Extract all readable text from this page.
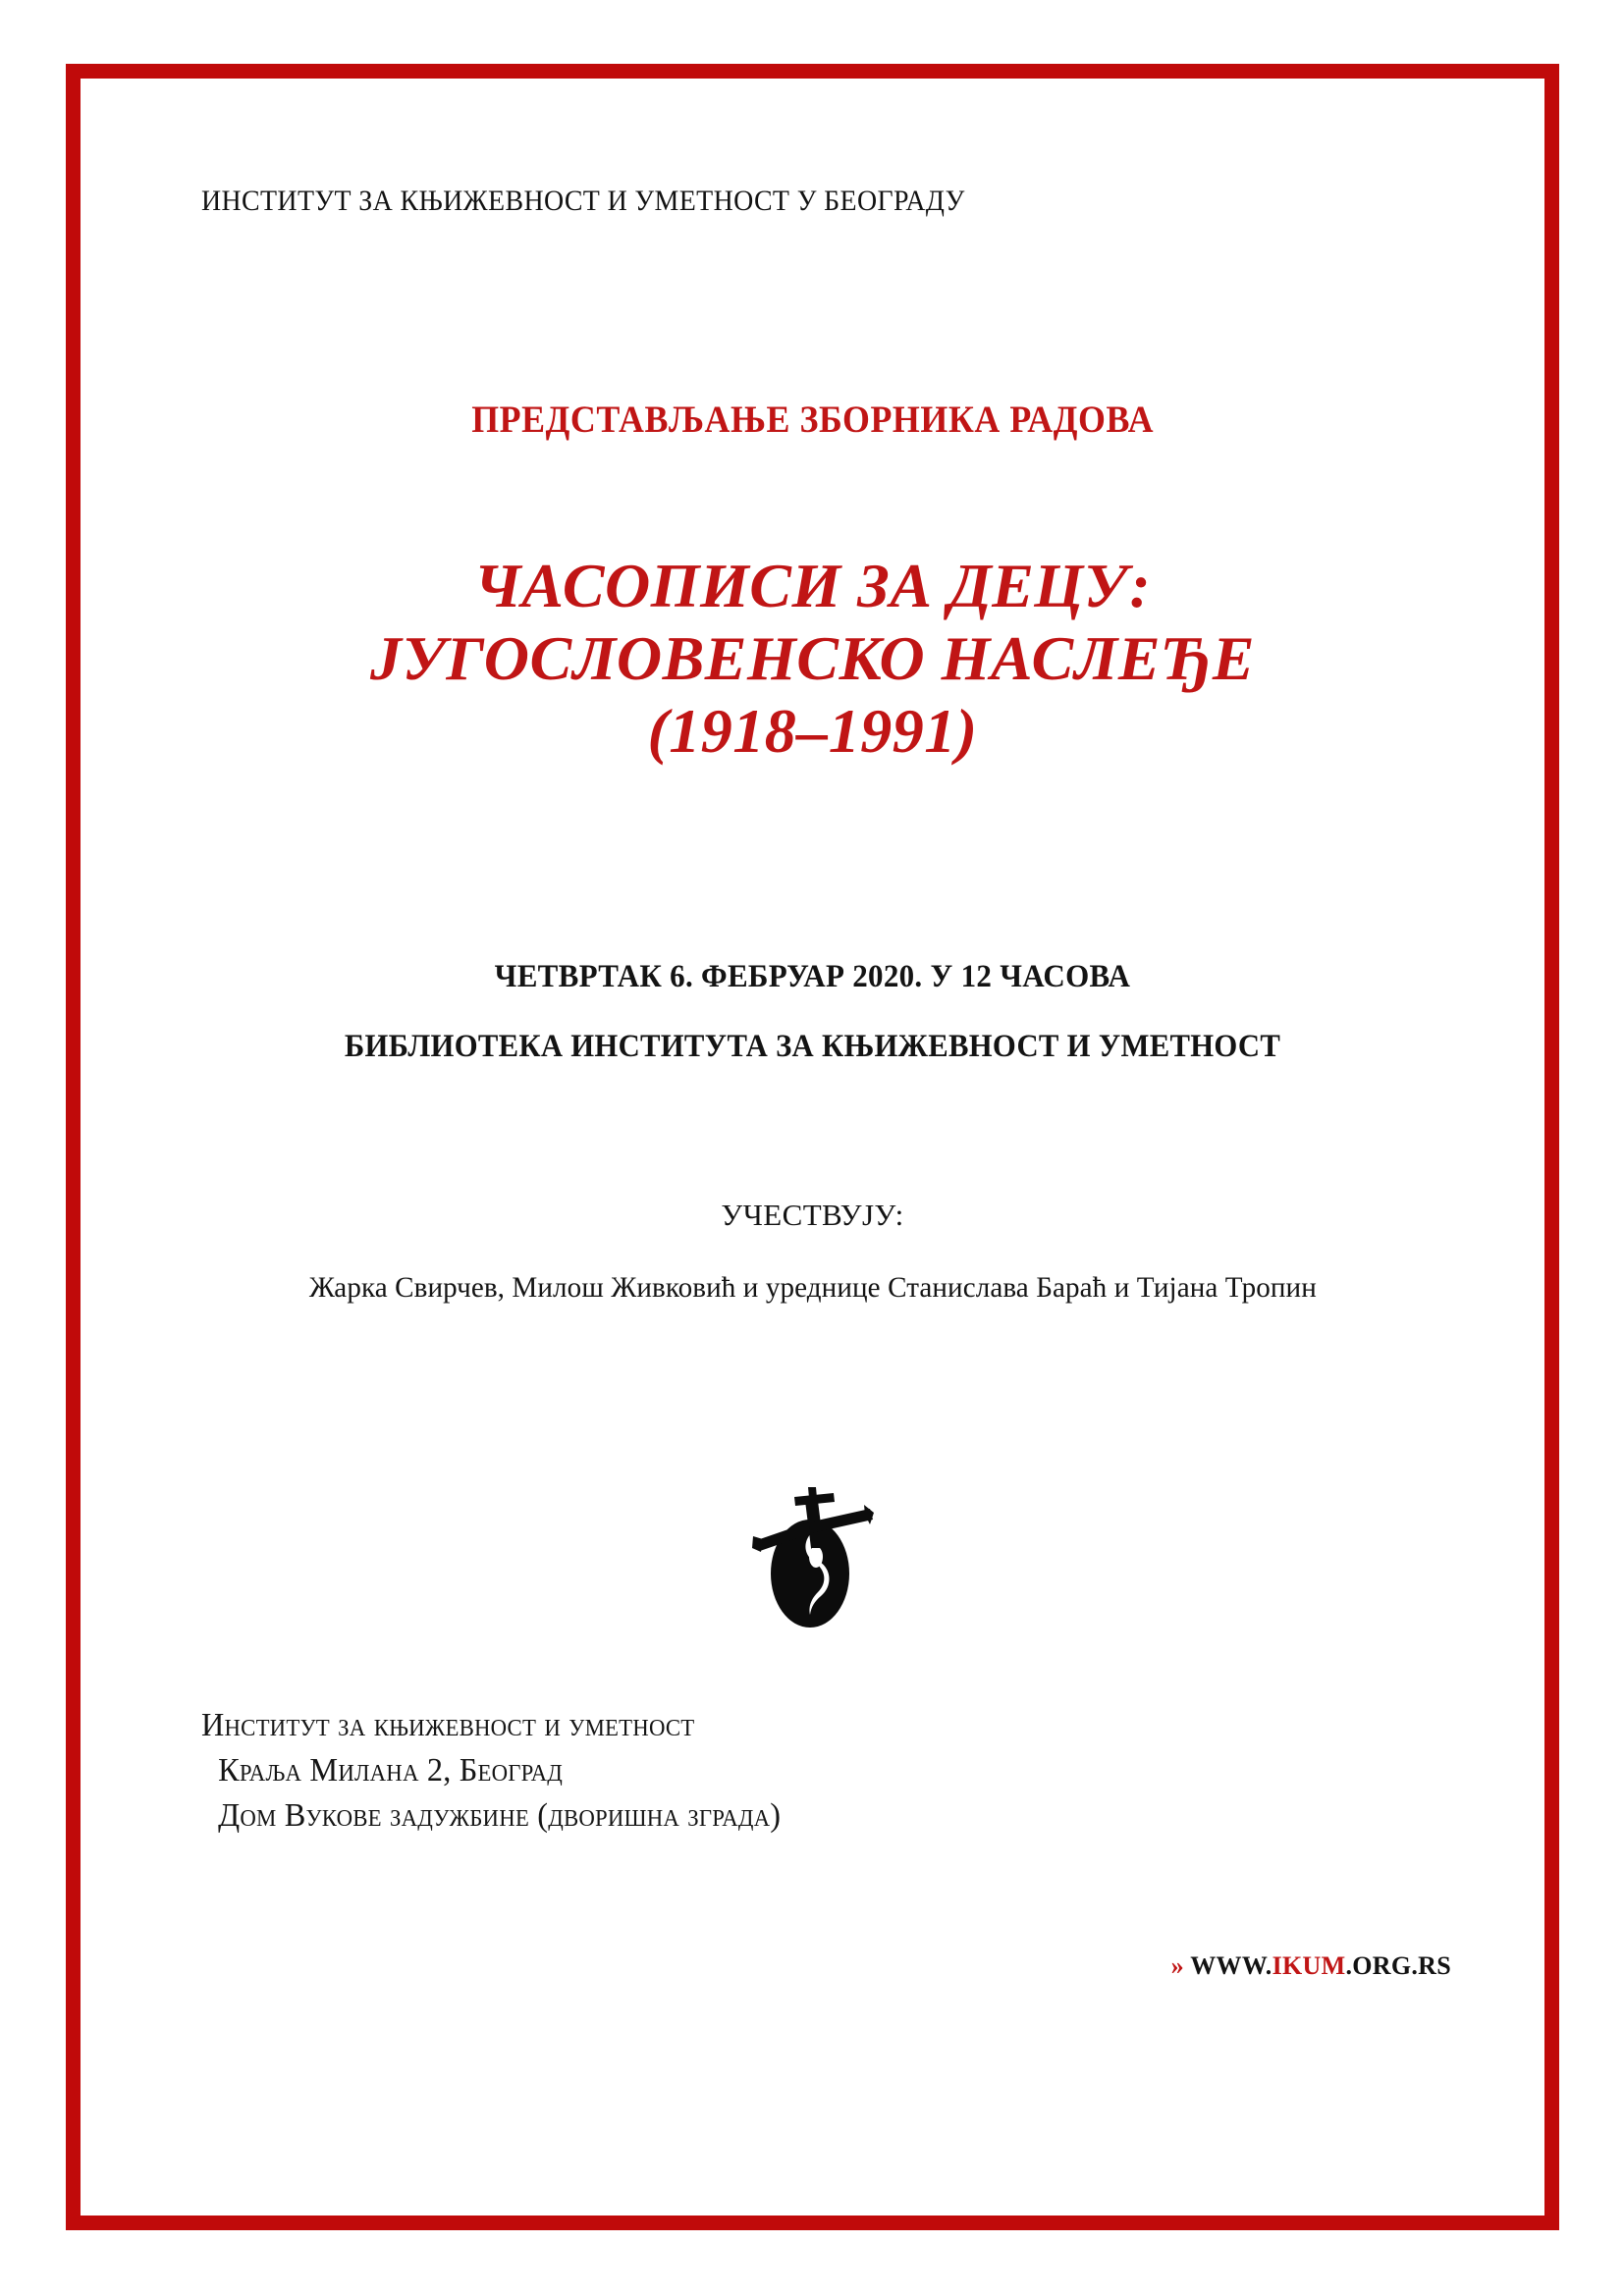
ИНСТИТУТ ЗА КЊИЖЕВНОСТ И УМЕТНОСТ У БЕОГРАДУ
ПРЕДСТАВЉАЊЕ ЗБОРНИКА РАДОВА
ЧАСОПИСИ ЗА ДЕЦУ:
ЈУГОСЛОВЕНСКО НАСЛЕЂЕ
(1918–1991)
ЧЕТВРТАК 6. ФЕБРУАР 2020. У 12 ЧАСОВА
БИБЛИОТЕКА ИНСТИТУТА ЗА КЊИЖЕВНОСТ И УМЕТНОСТ
УЧЕСТВУЈУ:
Жарка Свирчев, Милош Живковић и уреднице Станислава Бараћ и Тијана Тропин
Институт за књижевност и уметност
Краља Милана 2, Београд
Дом Вукове задужбине (дворишна зграда)
» WWW.IKUM.ORG.RS
